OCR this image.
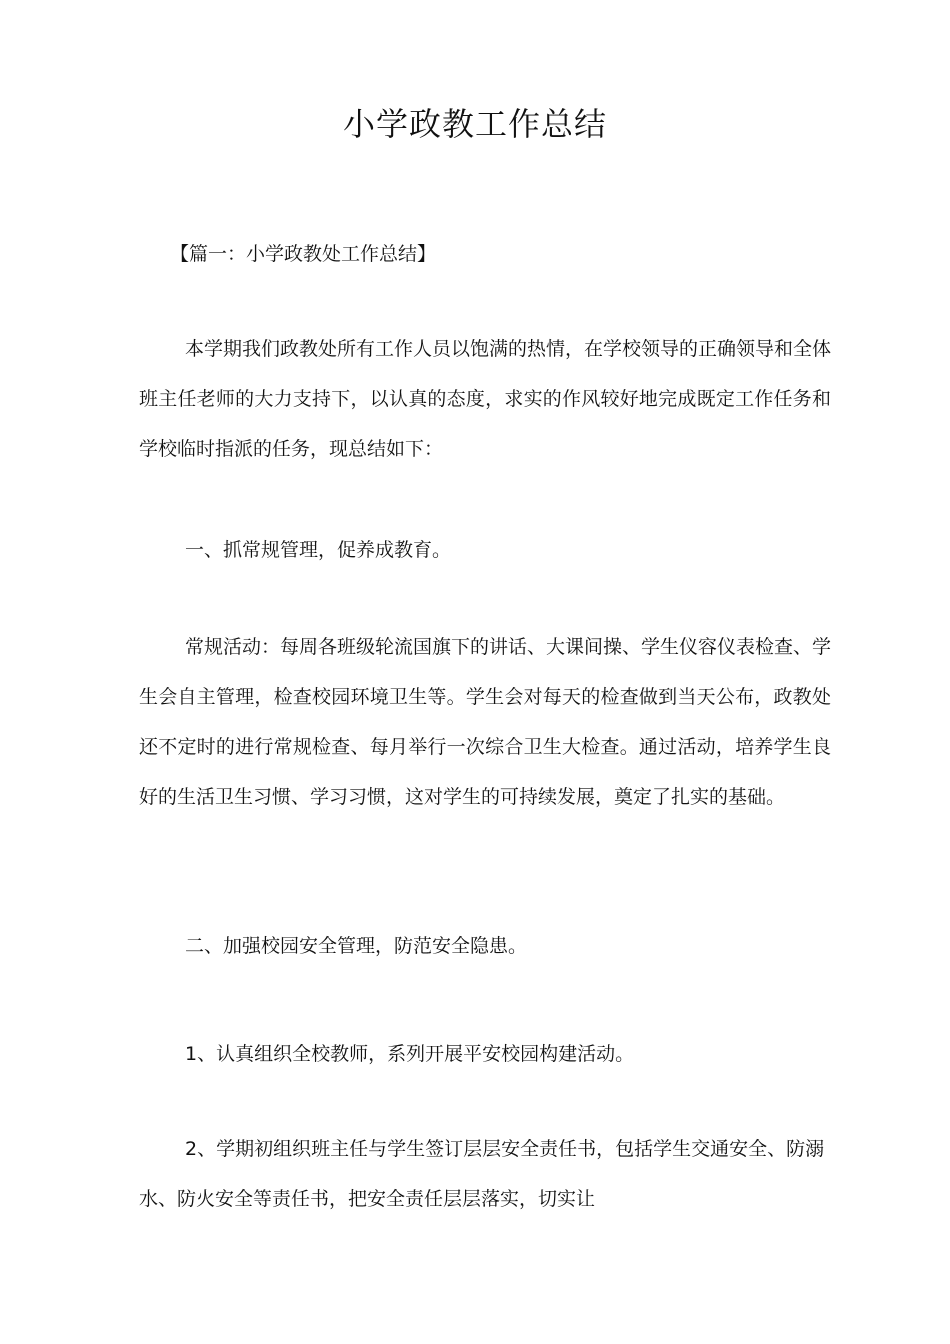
小学政教工作总结
【篇一：小学政教处工作总结】
本学期我们政教处所有工作人员以饱满的热情，在学校领导的正确领导和全体班主任老师的大力支持下，以认真的态度，求实的作风较好地完成既定工作任务和学校临时指派的任务，现总结如下：
一、抓常规管理，促养成教育。
常规活动：每周各班级轮流国旗下的讲话、大课间操、学生仪容仪表检查、学生会自主管理，检查校园环境卫生等。学生会对每天的检查做到当天公布，政教处还不定时的进行常规检查、每月举行一次综合卫生大检查。通过活动，培养学生良好的生活卫生习惯、学习习惯，这对学生的可持续发展，奠定了扎实的基础。
二、加强校园安全管理，防范安全隐患。
1、认真组织全校教师，系列开展平安校园构建活动。
2、学期初组织班主任与学生签订层层安全责任书，包括学生交通安全、防溺水、防火安全等责任书，把安全责任层层落实，切实让
